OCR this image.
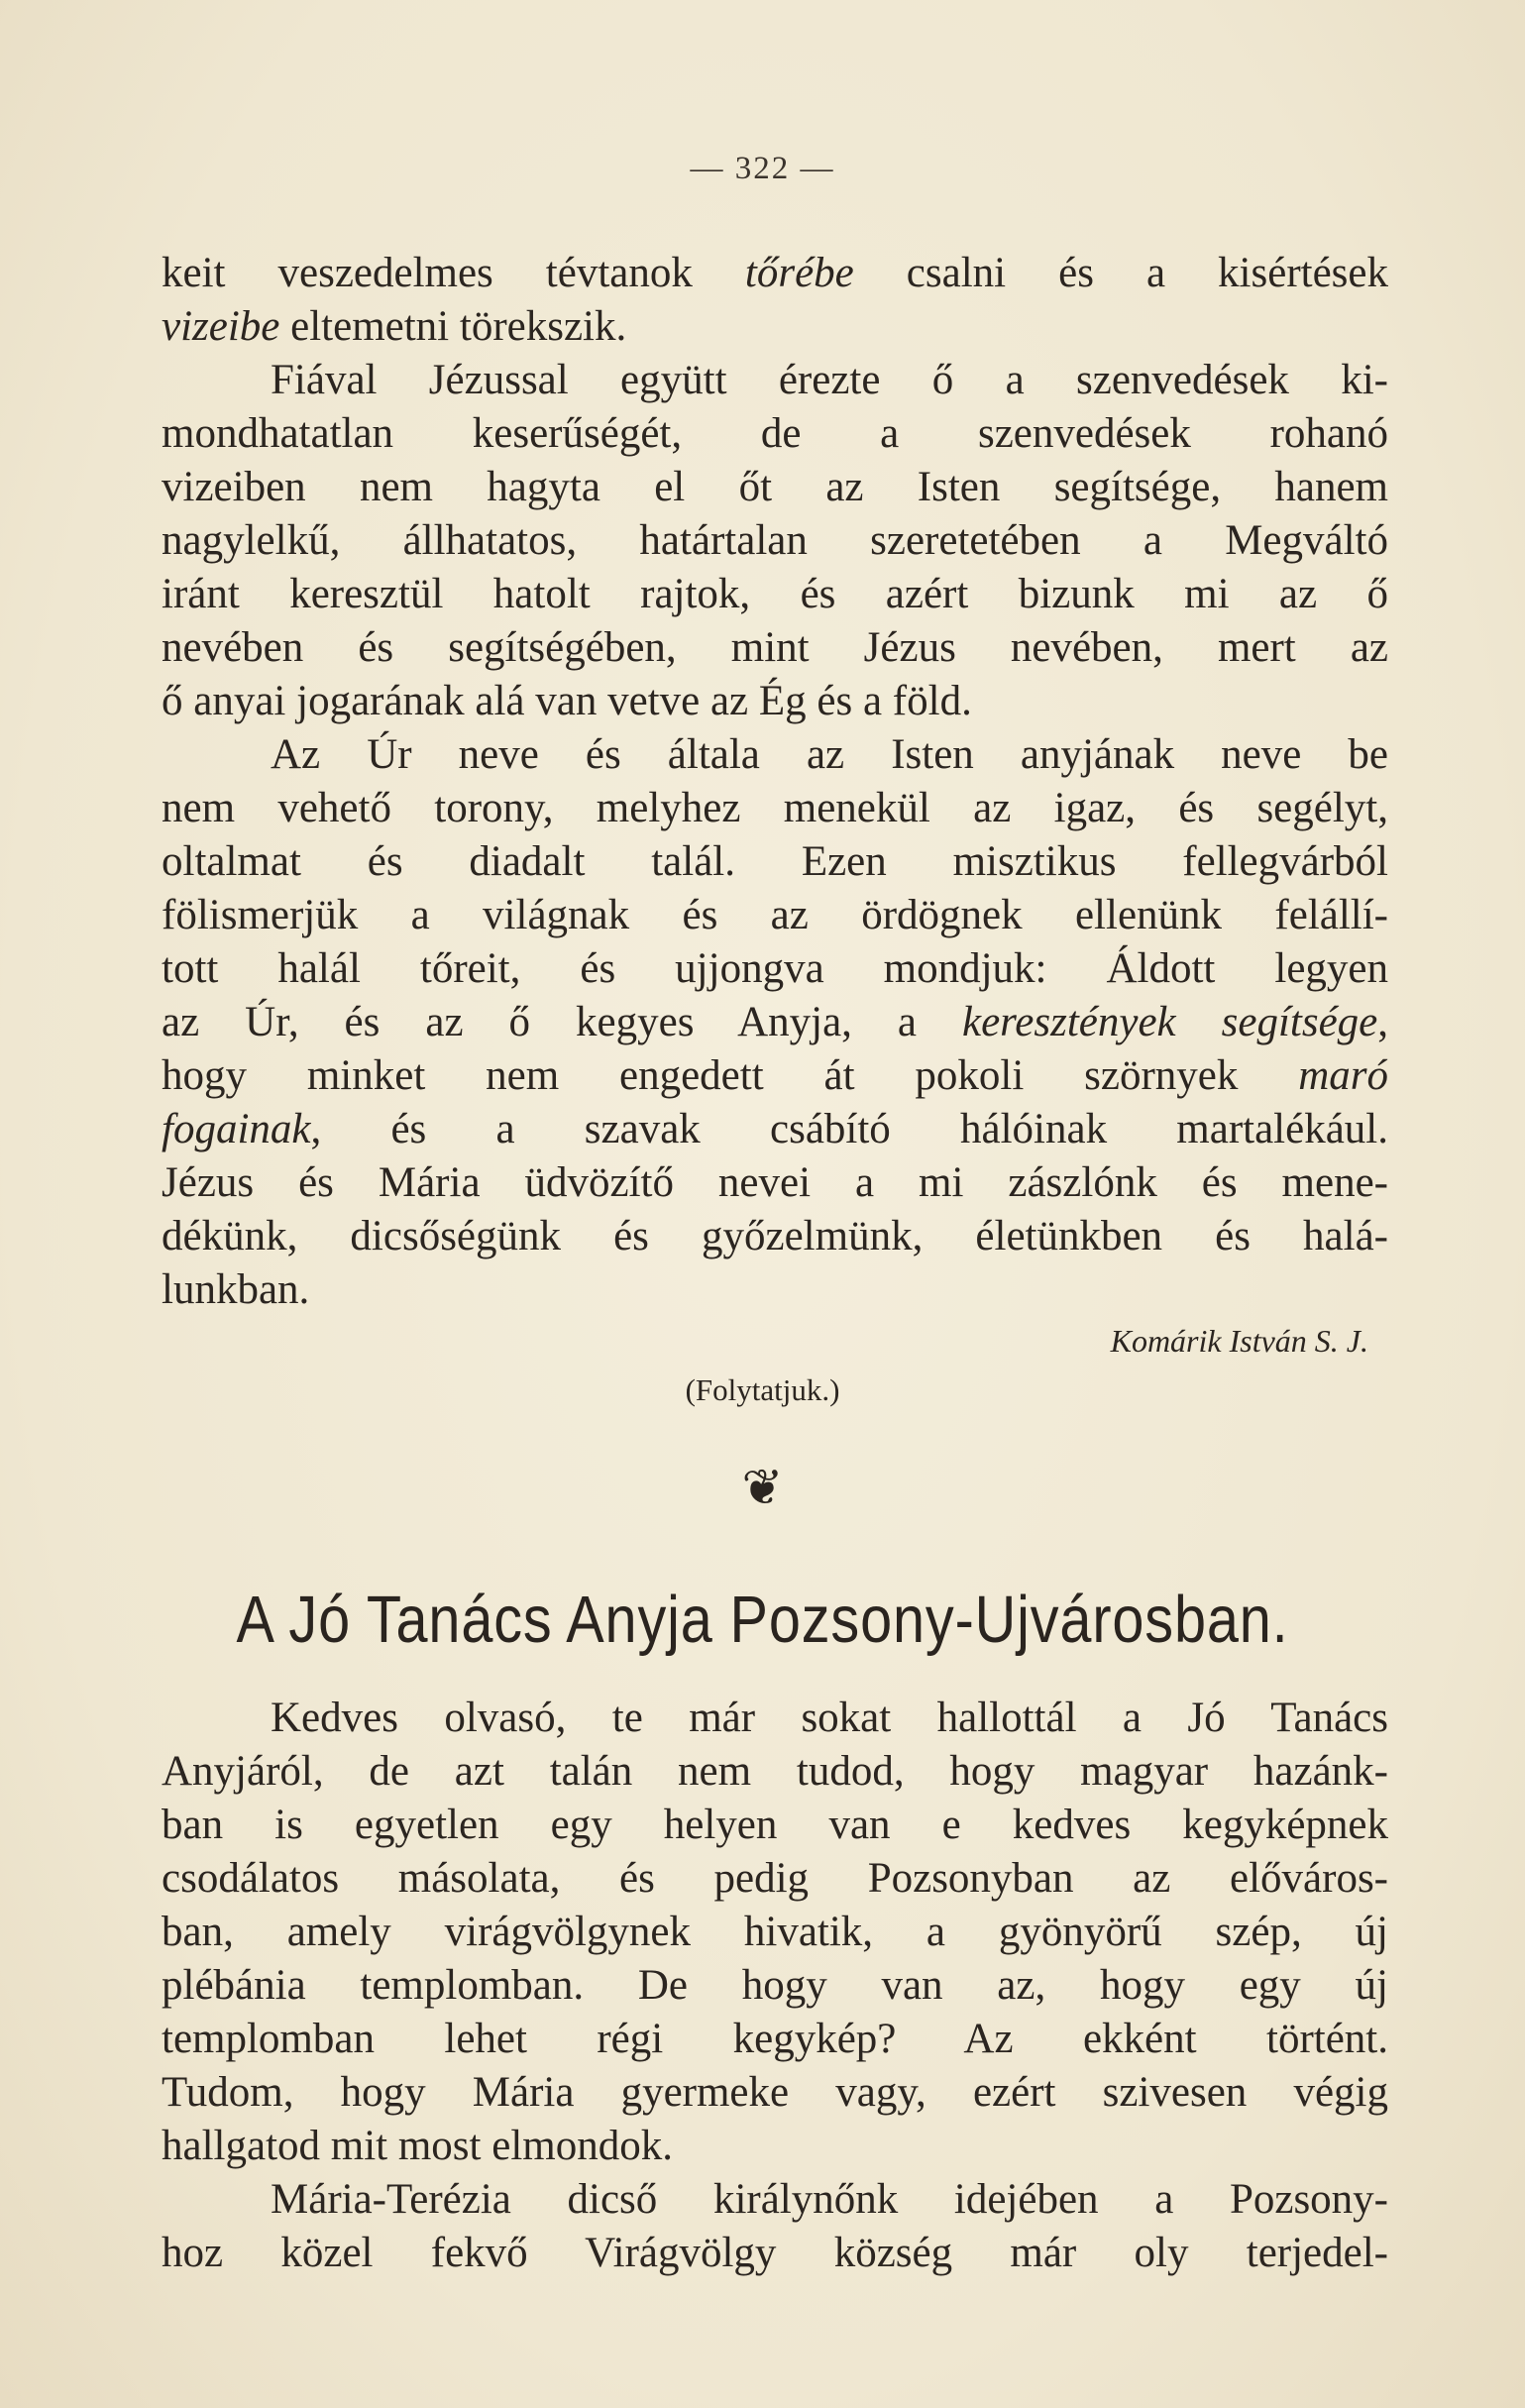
— 322 —
keit veszedelmes tévtanok tőrébe csalni és a kisértések
vizeibe eltemetni törekszik.
Fiával Jézussal együtt érezte ő a szenvedések ki-
mondhatatlan keserűségét, de a szenvedések rohanó
vizeiben nem hagyta el őt az Isten segítsége, hanem
nagylelkű, állhatatos, határtalan szeretetében a Megváltó
iránt keresztül hatolt rajtok, és azért bizunk mi az ő
nevében és segítségében, mint Jézus nevében, mert az
ő anyai jogarának alá van vetve az Ég és a föld.
Az Úr neve és általa az Isten anyjának neve be
nem vehető torony, melyhez menekül az igaz, és segélyt,
oltalmat és diadalt talál. Ezen misztikus fellegvárból
fölismerjük a világnak és az ördögnek ellenünk felállí-
tott halál tőreit, és ujjongva mondjuk: Áldott legyen
az Úr, és az ő kegyes Anyja, a keresztények segítsége,
hogy minket nem engedett át pokoli szörnyek maró
fogainak, és a szavak csábító hálóinak martalékául.
Jézus és Mária üdvözítő nevei a mi zászlónk és mene-
dékünk, dicsőségünk és győzelmünk, életünkben és halá-
lunkban.
Komárik István S. J.
(Folytatjuk.)
❦
A Jó Tanács Anyja Pozsony-Ujvárosban.
Kedves olvasó, te már sokat hallottál a Jó Tanács
Anyjáról, de azt talán nem tudod, hogy magyar hazánk-
ban is egyetlen egy helyen van e kedves kegyképnek
csodálatos másolata, és pedig Pozsonyban az előváros-
ban, amely virágvölgynek hivatik, a gyönyörű szép, új
plébánia templomban. De hogy van az, hogy egy új
templomban lehet régi kegykép? Az ekként történt.
Tudom, hogy Mária gyermeke vagy, ezért szivesen végig
hallgatod mit most elmondok.
Mária-Terézia dicső királynőnk idejében a Pozsony-
hoz közel fekvő Virágvölgy község már oly terjedel-
